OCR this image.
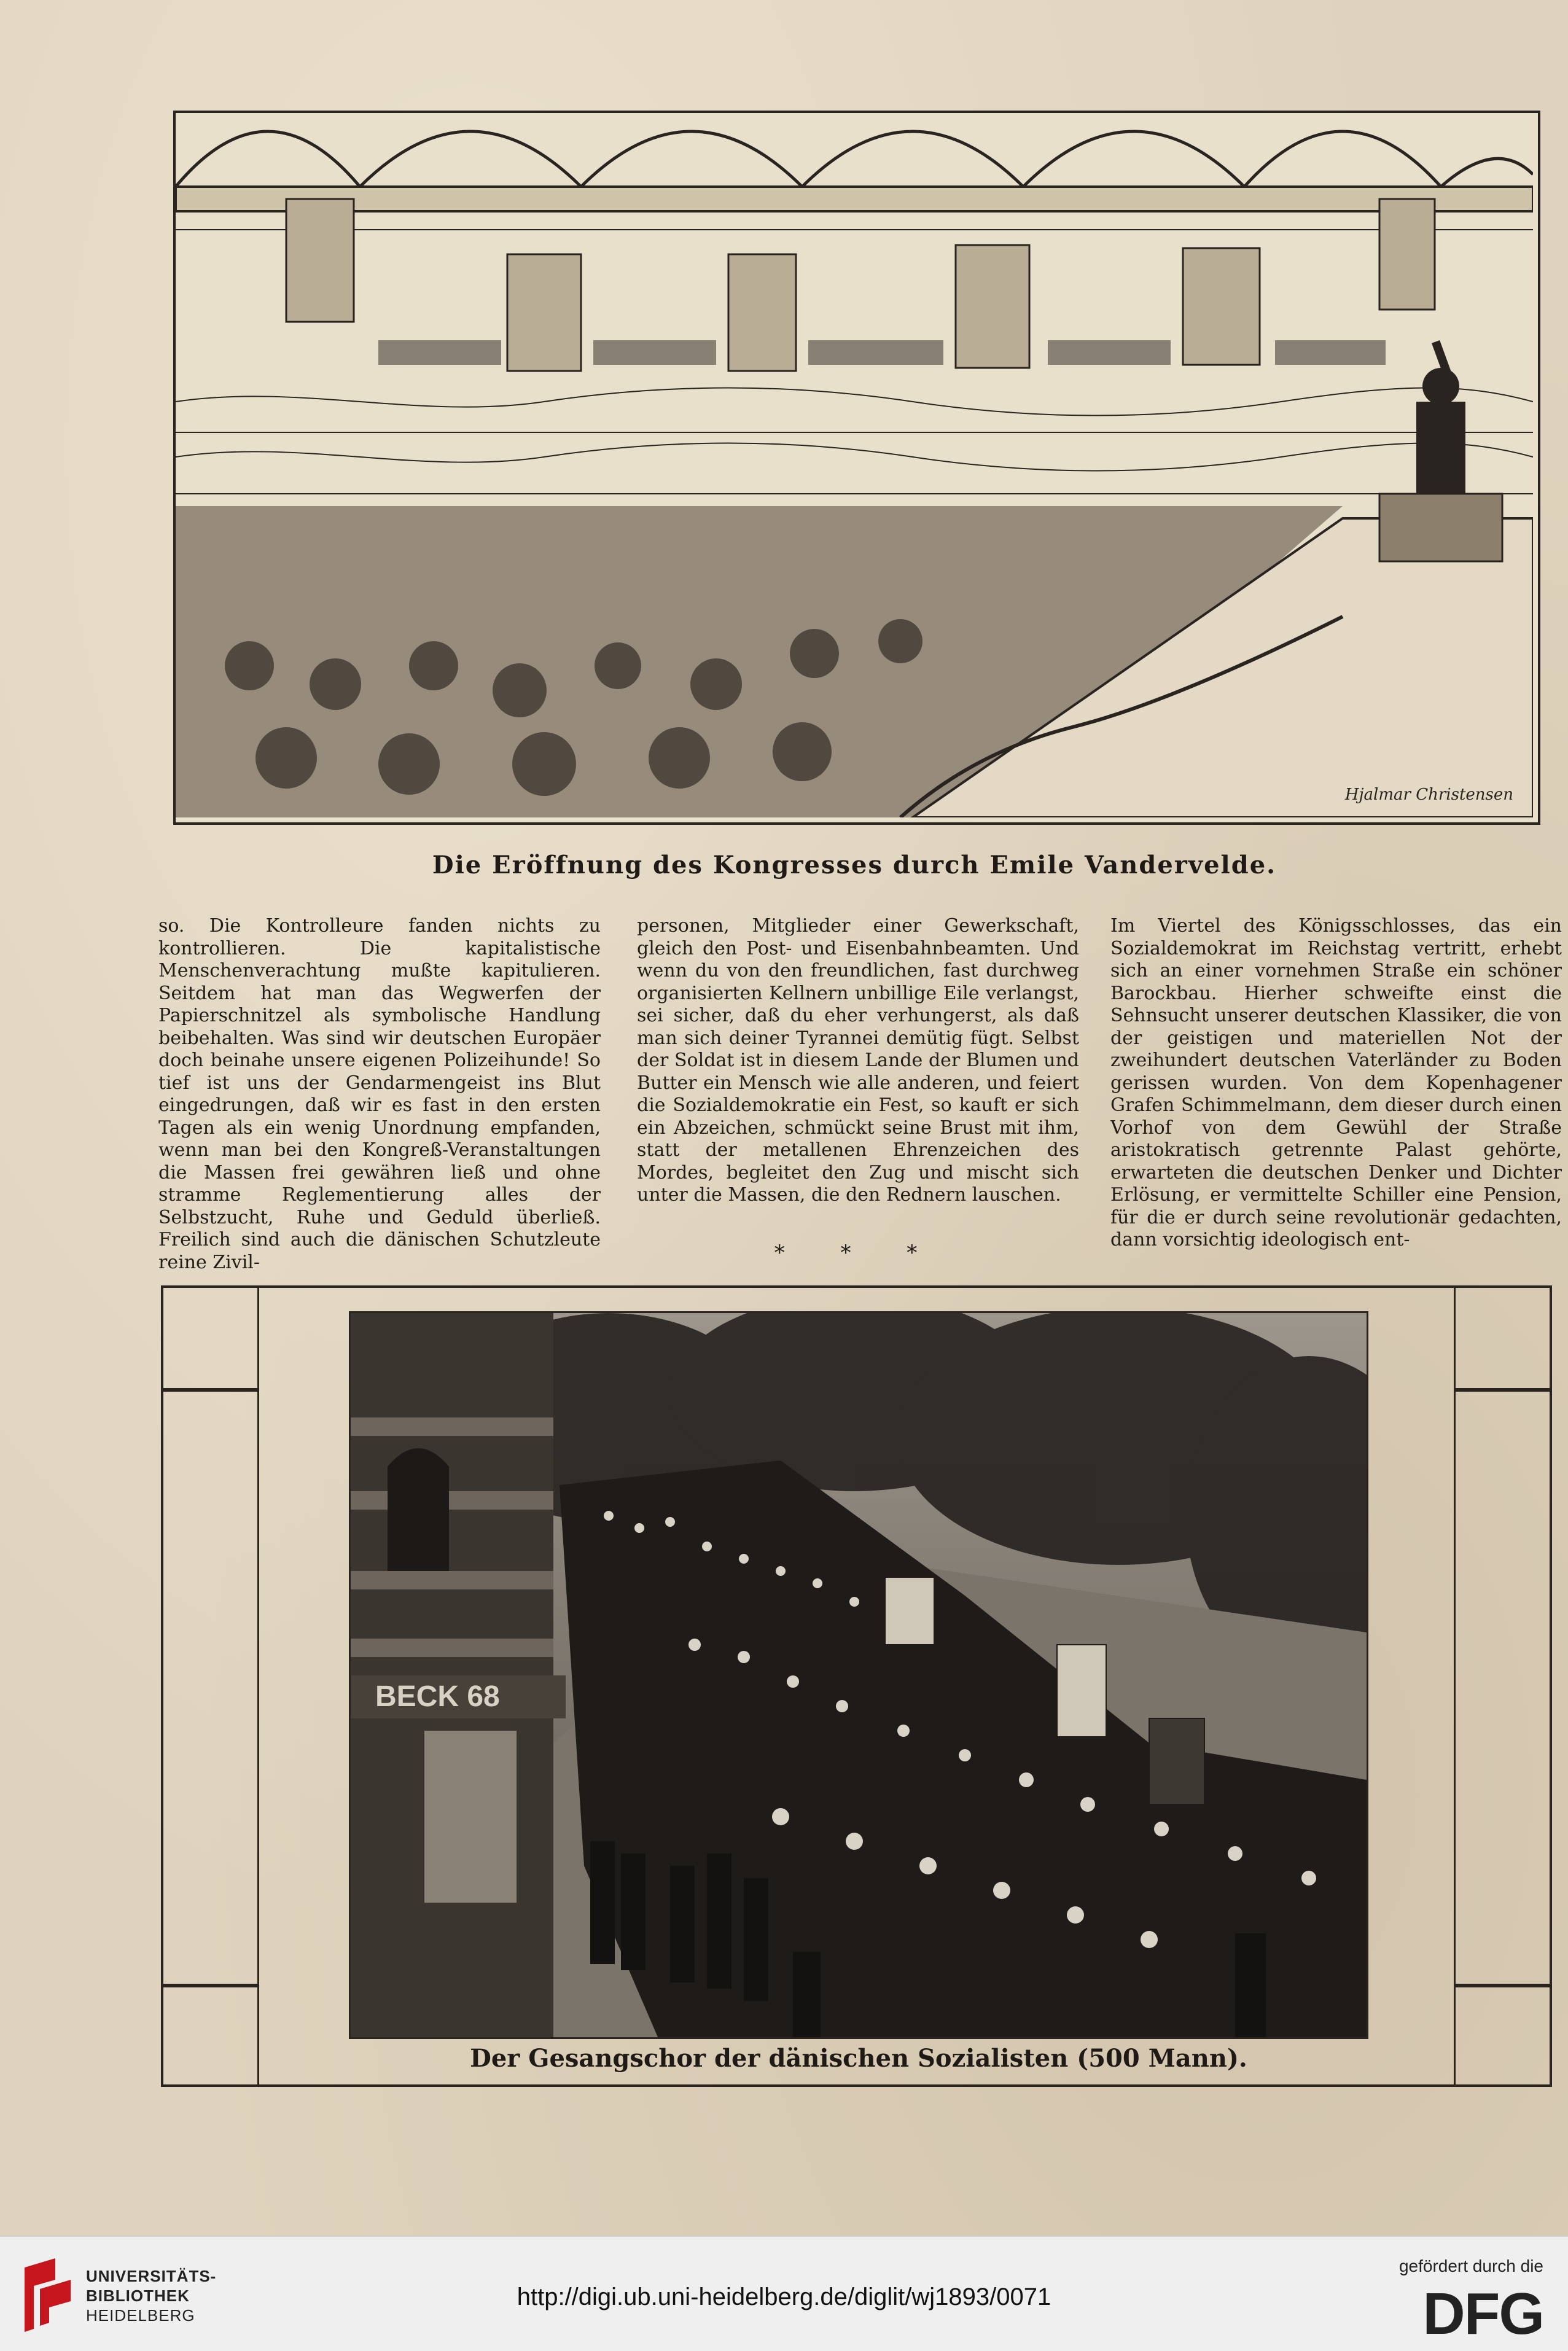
Hjalmar Christensen
Die Eröffnung des Kongresses durch Emile Vandervelde.

so. Die Kontrolleure fanden nichts zu kontrollieren. Die kapitalistische Menschenverachtung mußte kapitulieren. Seitdem hat man das Wegwerfen der Papierschnitzel als symbolische Handlung beibehalten. Was sind wir deutschen Europäer doch beinahe unsere eigenen Polizeihunde! So tief ist uns der Gendarmengeist ins Blut eingedrungen, daß wir es fast in den ersten Tagen als ein wenig Unordnung empfanden, wenn man bei den Kongreß-Veranstaltungen die Massen frei gewähren ließ und ohne stramme Reglementierung alles der Selbstzucht, Ruhe und Geduld überließ. Freilich sind auch die dänischen Schutzleute reine Zivil-

personen, Mitglieder einer Gewerkschaft, gleich den Post- und Eisenbahnbeamten. Und wenn du von den freundlichen, fast durchweg organisierten Kellnern unbillige Eile verlangst, sei sicher, daß du eher verhungerst, als daß man sich deiner Tyrannei demütig fügt. Selbst der Soldat ist in diesem Lande der Blumen und Butter ein Mensch wie alle anderen, und feiert die Sozialdemokratie ein Fest, so kauft er sich ein Abzeichen, schmückt seine Brust mit ihm, statt der metallenen Ehrenzeichen des Mordes, begleitet den Zug und mischt sich unter die Massen, die den Rednern lauschen.

* * *

Im Viertel des Königsschlosses, das ein Sozialdemokrat im Reichstag vertritt, erhebt sich an einer vornehmen Straße ein schöner Barockbau. Hierher schweifte einst die Sehnsucht unserer deutschen Klassiker, die von der geistigen und materiellen Not der zweihundert deutschen Vaterländer zu Boden gerissen wurden. Von dem Kopenhagener Grafen Schimmelmann, dem dieser durch einen Vorhof von dem Gewühl der Straße aristokratisch getrennte Palast gehörte, erwarteten die deutschen Denker und Dichter Erlösung, er vermittelte Schiller eine Pension, für die er durch seine revolutionär gedachten, dann vorsichtig ideologisch ent-

BECK 68
Der Gesangschor der dänischen Sozialisten (500 Mann).
UNIVERSITÄTS-
BIBLIOTHEK
HEIDELBERG
http://digi.ub.uni-heidelberg.de/diglit/wj1893/0071
gefördert durch die
DFG
